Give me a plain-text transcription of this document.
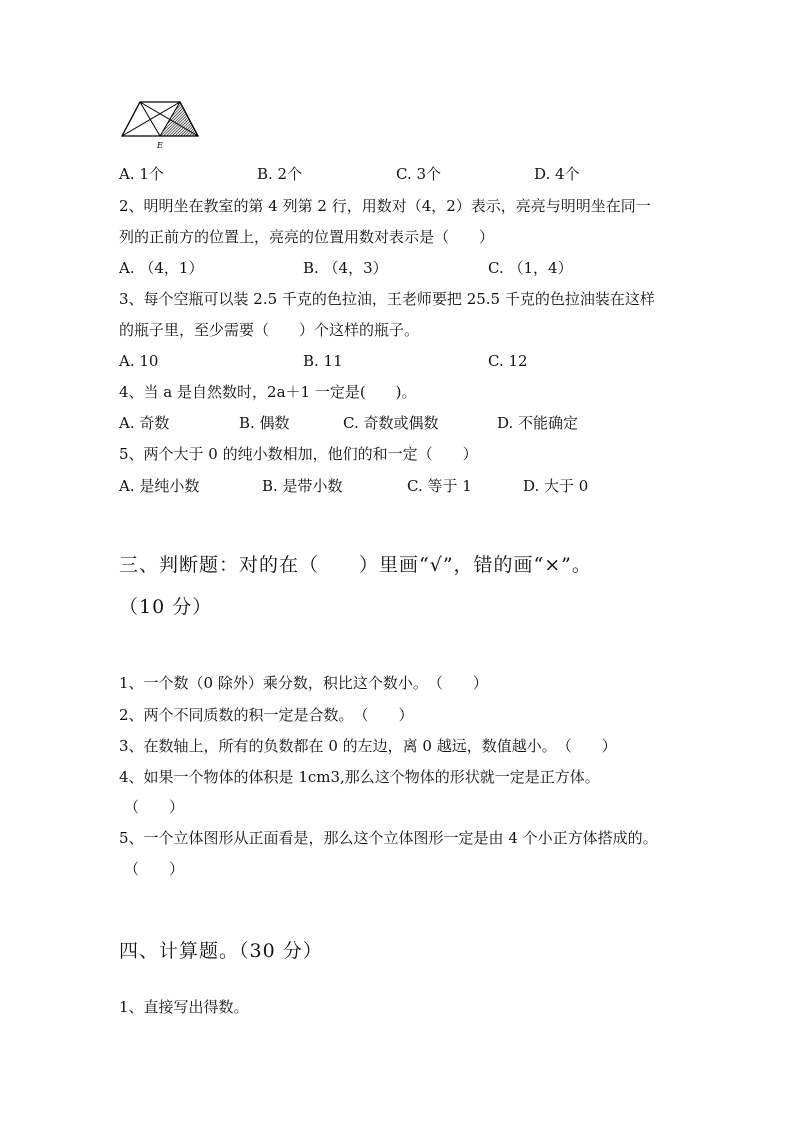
E
A. 1个	B. 2个	C. 3个	D. 4个
2、明明坐在教室的第 4 列第 2 行，用数对（4，2）表示，亮亮与明明坐在同一
列的正前方的位置上，亮亮的位置用数对表示是（　　）
A. （4，1）	B. （4，3）	C. （1，4）
3、每个空瓶可以装 2.5 千克的色拉油，王老师要把 25.5 千克的色拉油装在这样
的瓶子里，至少需要（　　）个这样的瓶子。
A. 10	B. 11	C. 12
4、当 a 是自然数时，2a＋1 一定是(　　)。
A. 奇数	B. 偶数	C. 奇数或偶数	D. 不能确定
5、两个大于 0 的纯小数相加，他们的和一定（　　）
A. 是纯小数	B. 是带小数	C. 等于 1	D. 大于 0
三、判断题：对的在（　　）里画“√”，错的画“×”。
（10 分）
1、一个数（0 除外）乘分数，积比这个数小。　（　　）
2、两个不同质数的积一定是合数。　（　　）
3、在数轴上，所有的负数都在 0 的左边，离 0 越远，数值越小。　（　　）
4、如果一个物体的体积是 1cm3,那么这个物体的形状就一定是正方体。
（　　）
5、一个立体图形从正面看是，那么这个立体图形一定是由 4 个小正方体搭成的。
（　　）
四、计算题。（30 分）
1、直接写出得数。
